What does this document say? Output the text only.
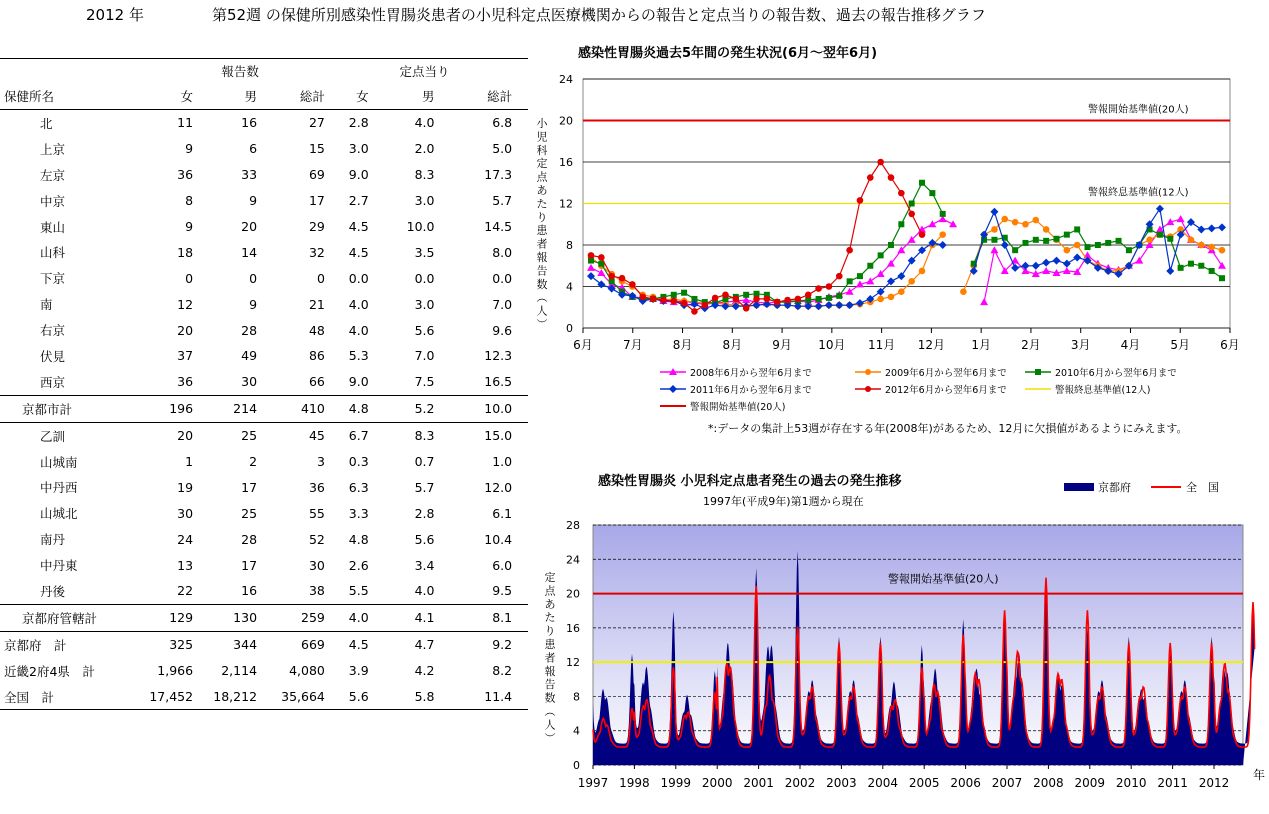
2012 年	第52週 の保健所別感染性胃腸炎患者の小児科定点医療機関からの報告と定点当りの報告数、過去の報告推移グラフ
	報告数			定点当り			
保健所名	女	男	総計	女	男	総計	
北	11	16	27	2.8	4.0	6.8	
上京	9	6	15	3.0	2.0	5.0	
左京	36	33	69	9.0	8.3	17.3	
中京	8	9	17	2.7	3.0	5.7	
東山	9	20	29	4.5	10.0	14.5	
山科	18	14	32	4.5	3.5	8.0	
下京	0	0	0	0.0	0.0	0.0	
南	12	9	21	4.0	3.0	7.0	
右京	20	28	48	4.0	5.6	9.6	
伏見	37	49	86	5.3	7.0	12.3	
西京	36	30	66	9.0	7.5	16.5	
京都市計	196	214	410	4.8	5.2	10.0	
乙訓	20	25	45	6.7	8.3	15.0	
山城南	1	2	3	0.3	0.7	1.0	
中丹西	19	17	36	6.3	5.7	12.0	
山城北	30	25	55	3.3	2.8	6.1	
南丹	24	28	52	4.8	5.6	10.4	
中丹東	13	17	30	2.6	3.4	6.0	
丹後	22	16	38	5.5	4.0	9.5	
京都府管轄計	129	130	259	4.0	4.1	8.1	
京都府　計	325	344	669	4.5	4.7	9.2	
近畿2府4県　計	1,966	2,114	4,080	3.9	4.2	8.2	
全国　計	17,452	18,212	35,664	5.6	5.8	11.4	
感染性胃腸炎過去5年間の発生状況(6月～翌年6月)
0
4
8
12
16
20
24
小児科定点あたり患者報告数︵人︶
6月	7月	8月	8月	9月 10月 11月 12月 1月	2月	3月	4月	5月	6月
警報開始基準値(20人)
警報終息基準値(12人)
2008年6月から翌年6月まで	2009年6月から翌年6月まで	2010年6月から翌年6月まで
2011年6月から翌年6月まで	2012年6月から翌年6月まで	警報終息基準値(12人)
警報開始基準値(20人)
*:データの集計上53週が存在する年(2008年)があるため、12月に欠損値があるようにみえます。
感染性胃腸炎 小児科定点患者発生の過去の発生推移
1997年(平成9年)第1週から現在
京都府	全　国
0
4
8
12
16
20
24
28
定点あたり患者報告数︵人︶
1997 1998 1999 2000 2001 2002 2003 2004 2005 2006 2007 2008 2009 2010 2011 2012
年
警報開始基準値(20人)
